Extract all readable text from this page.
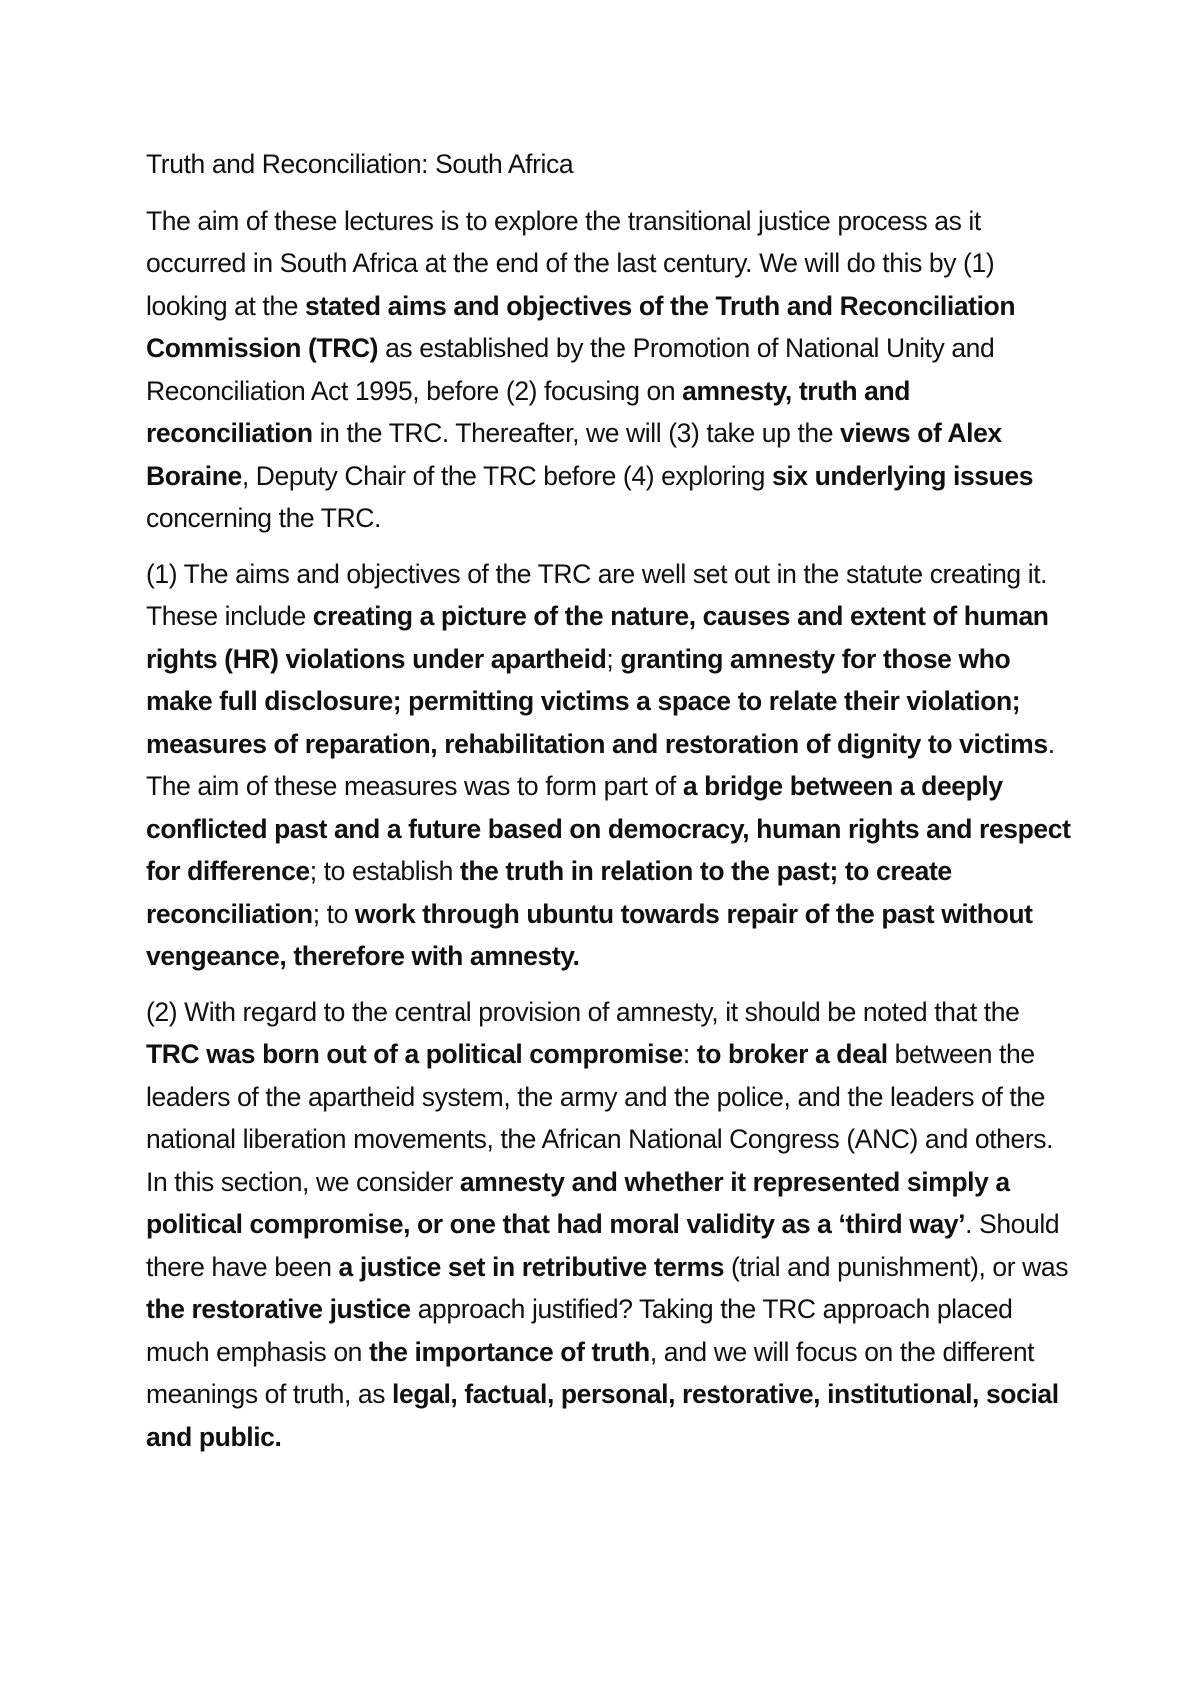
Truth and Reconciliation: South Africa

The aim of these lectures is to explore the transitional justice process as it occurred in South Africa at the end of the last century. We will do this by (1) looking at the stated aims and objectives of the Truth and Reconciliation Commission (TRC) as established by the Promotion of National Unity and Reconciliation Act 1995, before (2) focusing on amnesty, truth and reconciliation in the TRC. Thereafter, we will (3) take up the views of Alex Boraine, Deputy Chair of the TRC before (4) exploring six underlying issues concerning the TRC.

(1) The aims and objectives of the TRC are well set out in the statute creating it. These include creating a picture of the nature, causes and extent of human rights (HR) violations under apartheid; granting amnesty for those who make full disclosure; permitting victims a space to relate their violation; measures of reparation, rehabilitation and restoration of dignity to victims. The aim of these measures was to form part of a bridge between a deeply conflicted past and a future based on democracy, human rights and respect for difference; to establish the truth in relation to the past; to create reconciliation; to work through ubuntu towards repair of the past without vengeance, therefore with amnesty.

(2) With regard to the central provision of amnesty, it should be noted that the TRC was born out of a political compromise: to broker a deal between the leaders of the apartheid system, the army and the police, and the leaders of the national liberation movements, the African National Congress (ANC) and others. In this section, we consider amnesty and whether it represented simply a political compromise, or one that had moral validity as a ‘third way’. Should there have been a justice set in retributive terms (trial and punishment), or was the restorative justice approach justified? Taking the TRC approach placed much emphasis on the importance of truth, and we will focus on the different meanings of truth, as legal, factual, personal, restorative, institutional, social and public.
